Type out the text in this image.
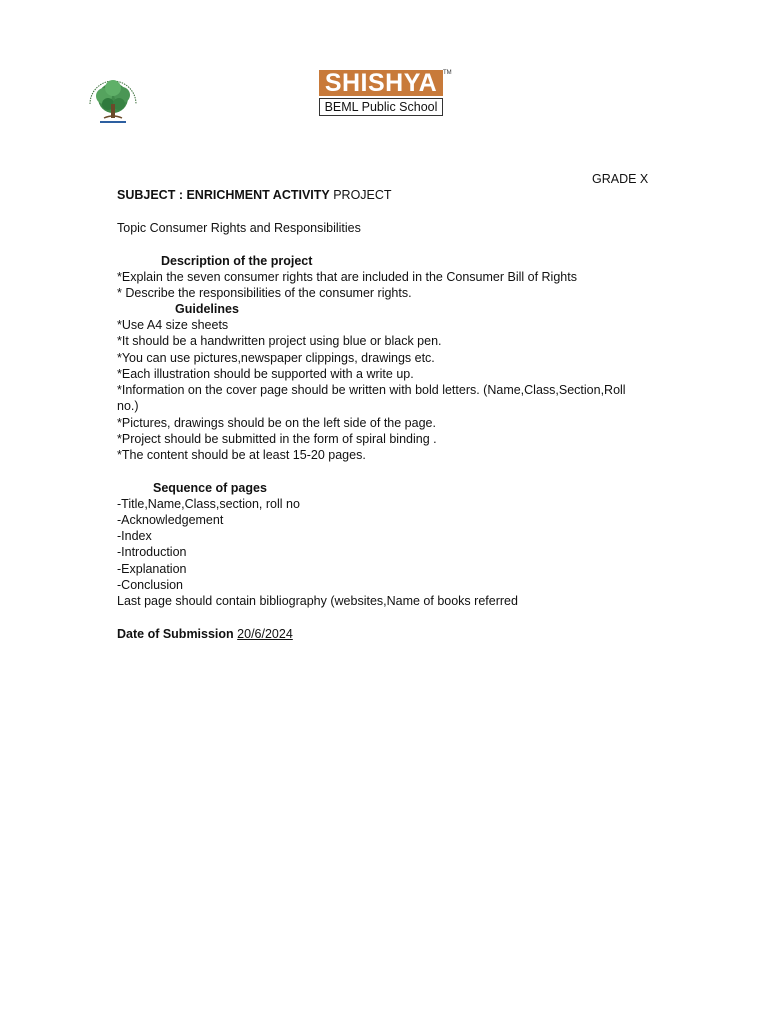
SHISHYA TM
BEML Public School
GRADE X
SUBJECT : ENRICHMENT ACTIVITY PROJECT
Topic Consumer Rights and Responsibilities
Description of the project
*Explain the seven consumer rights that are included in the Consumer Bill of Rights
* Describe the responsibilities of the consumer rights.
Guidelines
*Use A4 size sheets
*It should be a handwritten project using blue or black pen.
*You can use pictures,newspaper clippings, drawings etc.
*Each illustration should be supported with a write up.
*Information on the cover page should be written with bold letters. (Name,Class,Section,Roll
no.)
*Pictures, drawings should be on the left side of the page.
*Project should be submitted in the form of spiral binding .
*The content should be at least 15-20 pages.
Sequence of pages
-Title,Name,Class,section, roll no
-Acknowledgement
-Index
-Introduction
-Explanation
-Conclusion
Last page should contain bibliography (websites,Name of books referred
Date of Submission 20/6/2024
